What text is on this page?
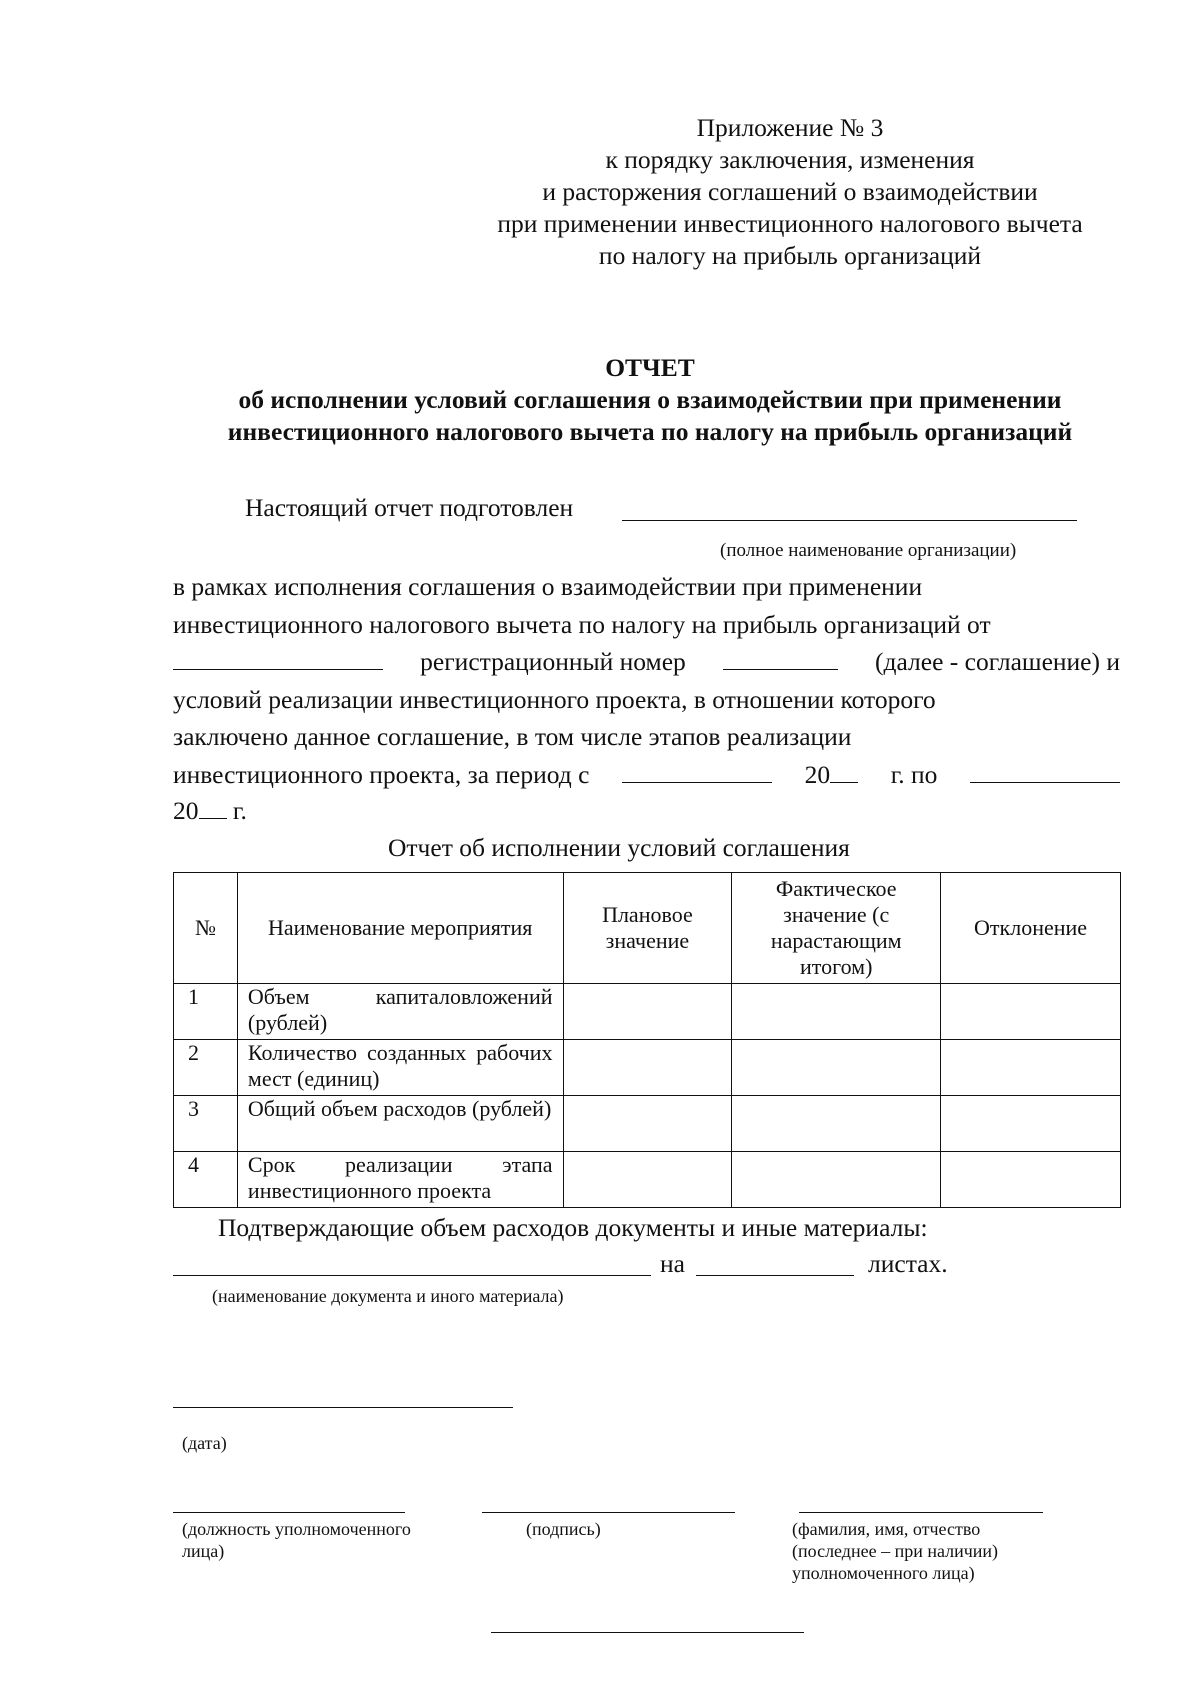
Приложение № 3
к порядку заключения, изменения
и расторжения соглашений о взаимодействии
при применении инвестиционного налогового вычета
по налогу на прибыль организаций
ОТЧЕТ
об исполнении условий соглашения о взаимодействии при применении
инвестиционного налогового вычета по налогу на прибыль организаций
Настоящий отчет подготовлен
(полное наименование организации)
в рамках исполнения соглашения о взаимодействии при применении
инвестиционного налогового вычета по налогу на прибыль организаций от
регистрационный номер	(далее - соглашение) и
условий реализации инвестиционного проекта, в отношении которого
заключено данное соглашение, в том числе этапов реализации
инвестиционного проекта, за период с	20 г. по
20 г.
Отчет об исполнении условий соглашения
№	Наименование мероприятия	Плановое значение	Фактическое значение (с нарастающим итогом)	Отклонение
1	Объем капиталовложений (рублей)			
2	Количество созданных рабочих мест (единиц)			
3	Общий объем расходов (рублей)			
4	Срок реализации этапа инвестиционного проекта			
Подтверждающие объем расходов документы и иные материалы:
на	листах.
(наименование документа и иного материала)
(дата)
(должность уполномоченного лица)
(подпись)	(фамилия, имя, отчество (последнее – при наличии) уполномоченного лица)
